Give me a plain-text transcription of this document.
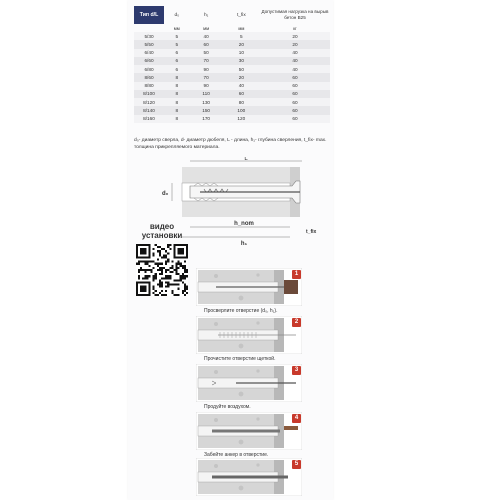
Тип d/L	d₀	h₁	t_fix	Допустимая нагрузка на вырыв бетон B25
	мм	мм	мм	кг
5/30	5	40	5	20
5/50	5	60	20	20
6/40	6	50	10	40
6/60	6	70	30	40
6/80	6	90	50	40
8/60	8	70	20	60
8/80	8	90	40	60
8/100	8	110	60	60
8/120	8	130	80	60
8/140	8	150	100	60
8/160	8	170	120	60
d₀- диаметр сверла, d- диаметр дюбеля, L - длина, h₁- глубина сверления, t_fix- max. толщина прикрепляемого материала.
L
d₀
h_nom
h₁
t_fix
видео
установки
1
Просверлите отверстие (d₀, h₁).
2
Прочистите отверстие щеткой.
3
Продуйте воздухом.
4
Забейте анкер в отверстие.
5
